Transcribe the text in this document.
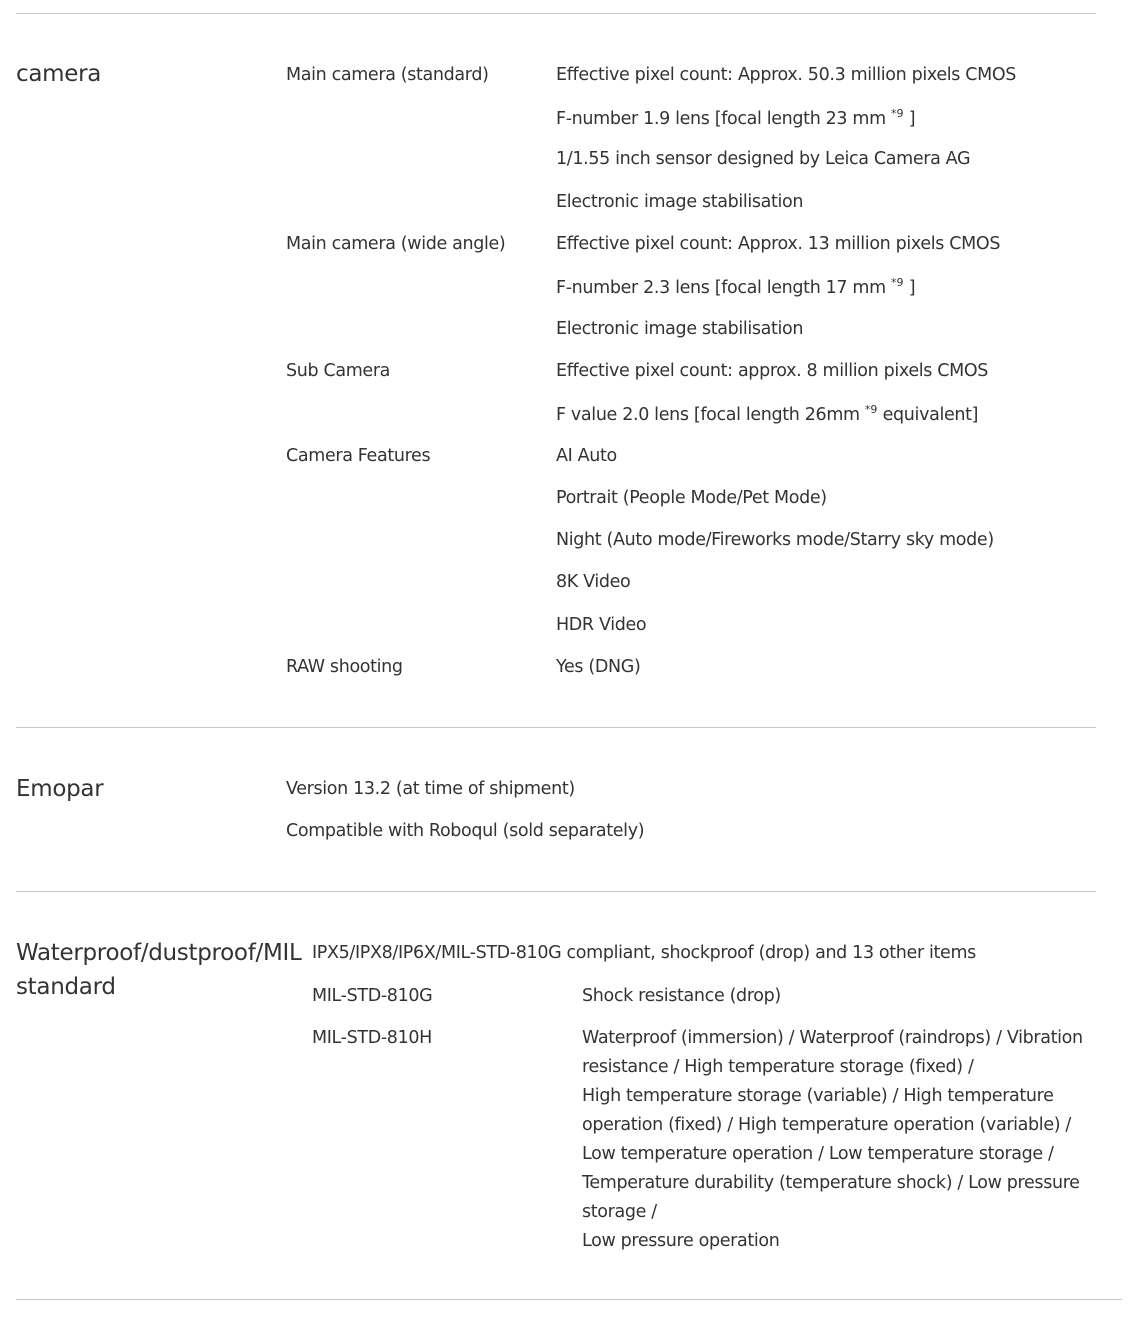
camera	Main camera (standard)	Effective pixel count: Approx. 50.3 million pixels CMOS
F-number 1.9 lens [focal length 23 mm $^{*9}$ ]
1/1.55 inch sensor designed by Leica Camera AG
Electronic image stabilisation
Main camera (wide angle)	Effective pixel count: Approx. 13 million pixels CMOS
F-number 2.3 lens [focal length 17 mm $^{*9}$ ]
Electronic image stabilisation
Sub Camera	Effective pixel count: approx. 8 million pixels CMOS
F value 2.0 lens [focal length 26mm $^{*9}$ equivalent]
Camera Features	AI Auto
Portrait (People Mode/Pet Mode)
Night (Auto mode/Fireworks mode/Starry sky mode)
8K Video
HDR Video
RAW shooting	Yes (DNG)
Emopar	Version 13.2 (at time of shipment)
Compatible with Roboqul (sold separately)
Waterproof/dustproof/MIL
standard
IPX5/IPX8/IP6X/MIL-STD-810G compliant, shockproof (drop) and 13 other items
MIL-STD-810G	Shock resistance (drop)
MIL-STD-810H	Waterproof (immersion) / Waterproof (raindrops) / Vibration
resistance / High temperature storage (fixed) /
High temperature storage (variable) / High temperature
operation (fixed) / High temperature operation (variable) /
Low temperature operation / Low temperature storage /
Temperature durability (temperature shock) / Low pressure
storage /
Low pressure operation
